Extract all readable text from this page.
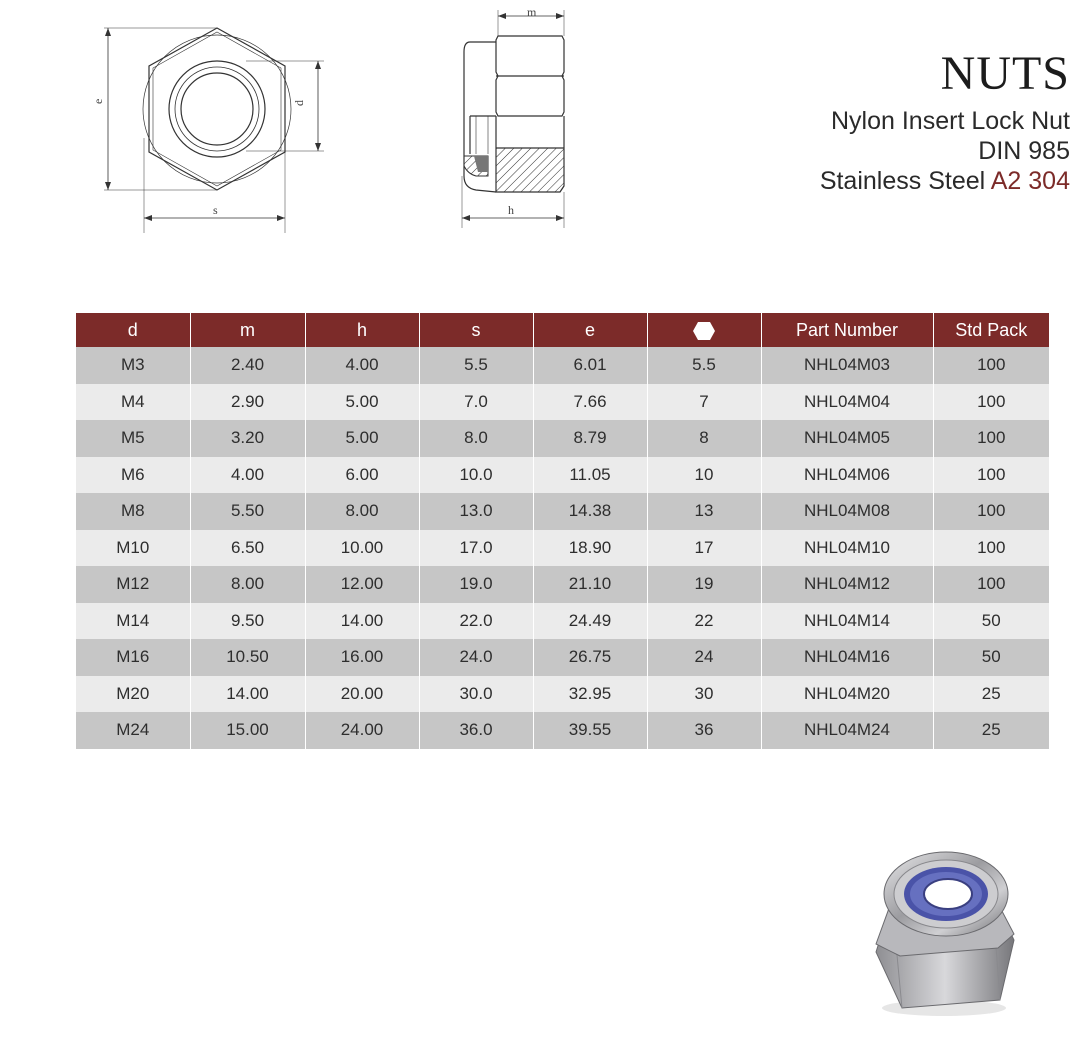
e	d
s
m
h
NUTS
Nylon Insert Lock Nut
DIN 985
Stainless Steel A2 304
d	m	h	s	e		Part Number	Std Pack
M3	2.40	4.00	5.5	6.01	5.5	NHL04M03	100
M4	2.90	5.00	7.0	7.66	7	NHL04M04	100
M5	3.20	5.00	8.0	8.79	8	NHL04M05	100
M6	4.00	6.00	10.0	11.05	10	NHL04M06	100
M8	5.50	8.00	13.0	14.38	13	NHL04M08	100
M10	6.50	10.00	17.0	18.90	17	NHL04M10	100
M12	8.00	12.00	19.0	21.10	19	NHL04M12	100
M14	9.50	14.00	22.0	24.49	22	NHL04M14	50
M16	10.50	16.00	24.0	26.75	24	NHL04M16	50
M20	14.00	20.00	30.0	32.95	30	NHL04M20	25
M24	15.00	24.00	36.0	39.55	36	NHL04M24	25
